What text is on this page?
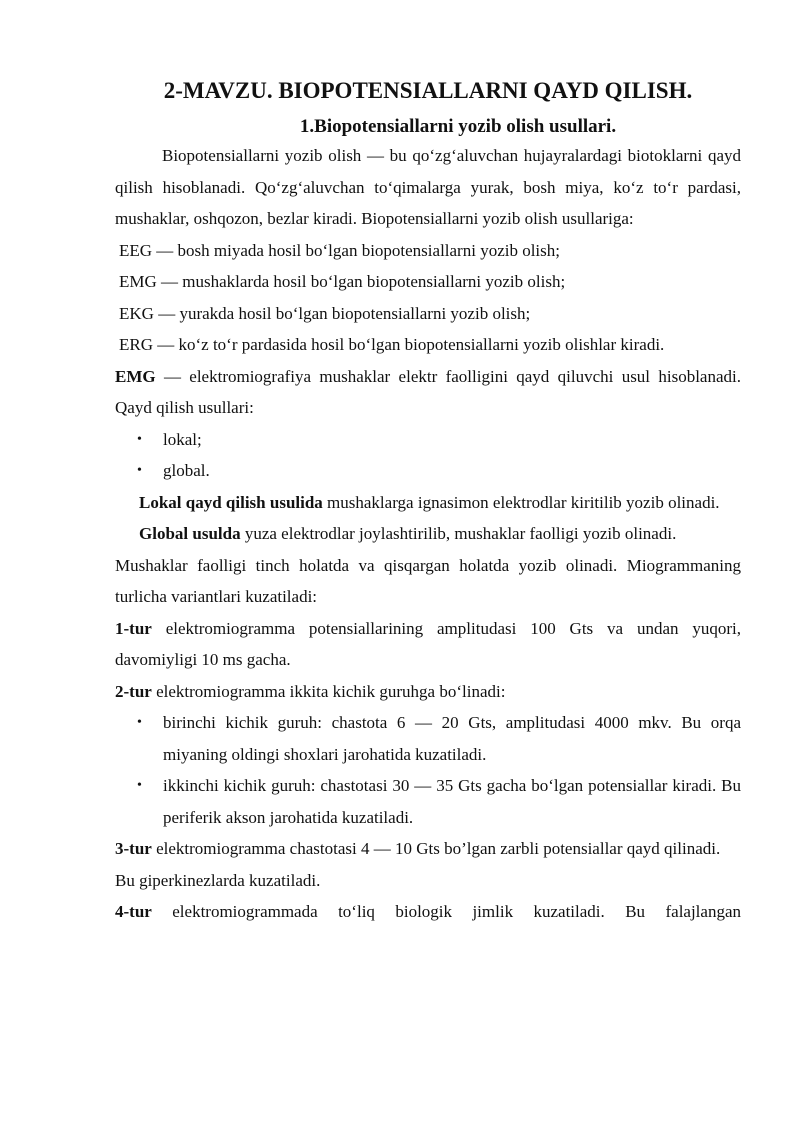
2-MAVZU. BIOPOTENSIALLARNI QAYD QILISH.
1.Biopotensiallarni yozib olish usullari.

Biopotensiallarni yozib olish — bu qo‘zg‘aluvchan hujayralardagi biotoklarni qayd qilish hisoblanadi. Qo‘zg‘aluvchan to‘qimalarga yurak, bosh miya, ko‘z to‘r pardasi, mushaklar, oshqozon, bezlar kiradi. Biopotensiallarni yozib olish usullariga:

EEG — bosh miyada hosil bo‘lgan biopotensiallarni yozib olish;

EMG — mushaklarda hosil bo‘lgan biopotensiallarni yozib olish;

EKG — yurakda hosil bo‘lgan biopotensiallarni yozib olish;

ERG — ko‘z to‘r pardasida hosil bo‘lgan biopotensiallarni yozib olishlar kiradi.

EMG — elektromiografiya mushaklar elektr faolligini qayd qiluvchi usul hisoblanadi. Qayd qilish usullari:

• lokal;
• global.

Lokal qayd qilish usulida mushaklarga ignasimon elektrodlar kiritilib yozib olinadi.

Global usulda yuza elektrodlar joylashtirilib, mushaklar faolligi yozib olinadi.

Mushaklar faolligi tinch holatda va qisqargan holatda yozib olinadi. Miogrammaning turlicha variantlari kuzatiladi:

1-tur elektromiogramma potensiallarining amplitudasi 100 Gts va undan yuqori, davomiyligi 10 ms gacha.

2-tur elektromiogramma ikkita kichik guruhga bo‘linadi:

• birinchi kichik guruh: chastota 6 — 20 Gts, amplitudasi 4000 mkv. Bu orqa miyaning oldingi shoxlari jarohatida kuzatiladi.
• ikkinchi kichik guruh: chastotasi 30 — 35 Gts gacha bo‘lgan potensiallar kiradi. Bu periferik akson jarohatida kuzatiladi.

3-tur elektromiogramma chastotasi 4 — 10 Gts bo’lgan zarbli potensiallar qayd qilinadi. Bu giperkinezlarda kuzatiladi.

4-tur elektromiogrammada to‘liq biologik jimlik kuzatiladi. Bu falajlangan
